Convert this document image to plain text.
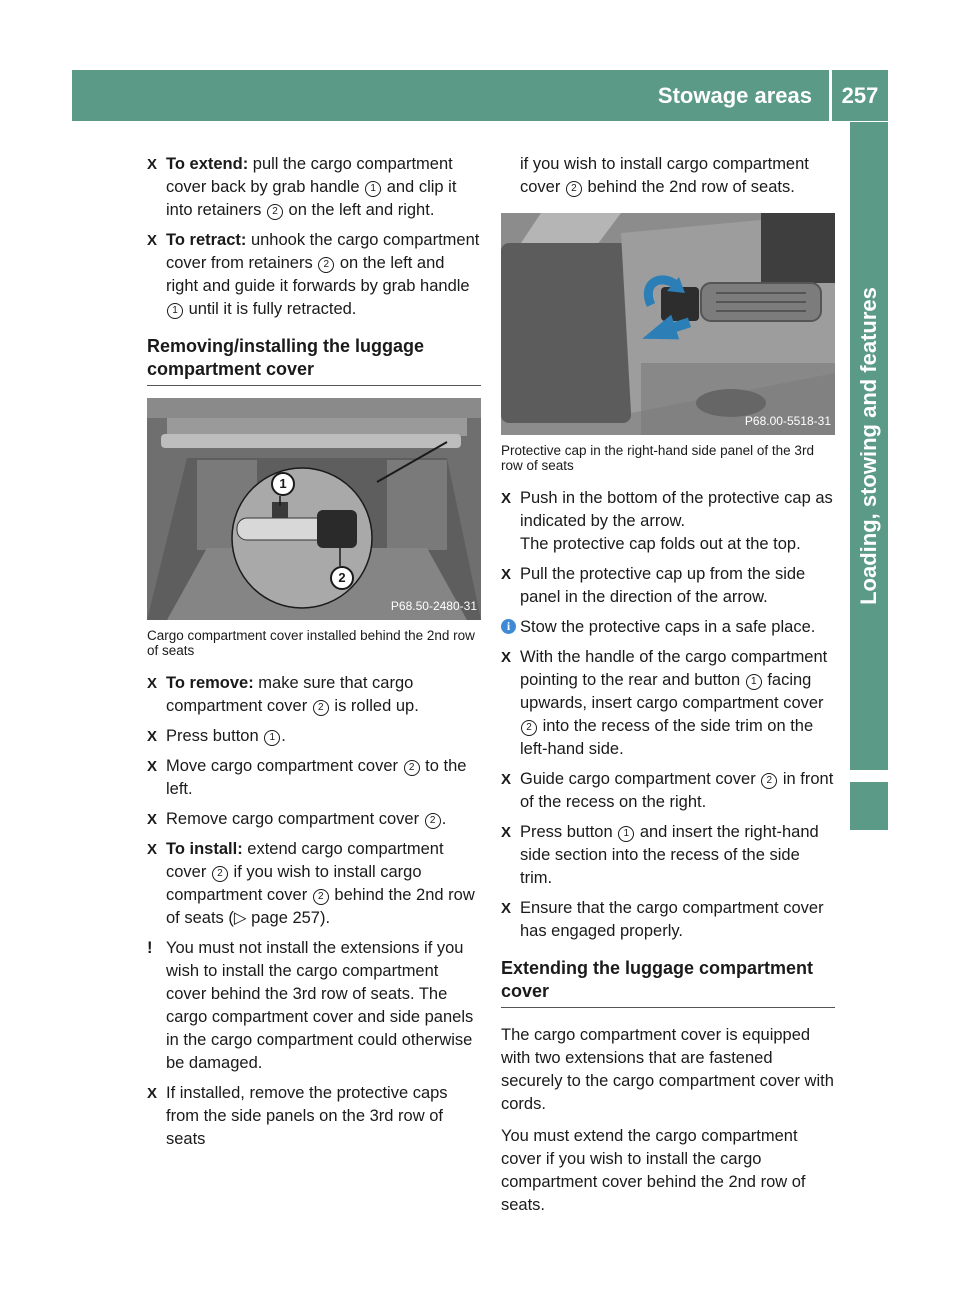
Stowage areas	257
Loading, stowing and features
X To extend: pull the cargo compartment cover back by grab handle 1 and clip it into retainers 2 on the left and right.
X To retract: unhook the cargo compartment cover from retainers 2 on the left and right and guide it forwards by grab handle 1 until it is fully retracted.
Removing/installing the luggage compartment cover
1
2
P68.50-2480-31
Cargo compartment cover installed behind the 2nd row of seats
X To remove: make sure that cargo compartment cover 2 is rolled up.
X Press button 1 .
X Move cargo compartment cover 2 to the left.
X Remove cargo compartment cover 2 .
X To install: extend cargo compartment cover 2 if you wish to install cargo compartment cover 2 behind the 2nd row of seats (▷ page 257).
! You must not install the extensions if you wish to install the cargo compartment cover behind the 3rd row of seats. The cargo compartment cover and side panels in the cargo compartment could otherwise be damaged.
X If installed, remove the protective caps from the side panels on the 3rd row of seats
if you wish to install cargo compartment cover 2 behind the 2nd row of seats.
P68.00-5518-31
Protective cap in the right-hand side panel of the 3rd row of seats
X Push in the bottom of the protective cap as indicated by the arrow.
The protective cap folds out at the top.
X Pull the protective cap up from the side panel in the direction of the arrow.
i Stow the protective caps in a safe place.
X With the handle of the cargo compartment pointing to the rear and button 1 facing upwards, insert cargo compartment cover 2 into the recess of the side trim on the left-hand side.
X Guide cargo compartment cover 2 in front of the recess on the right.
X Press button 1 and insert the right-hand side section into the recess of the side trim.
X Ensure that the cargo compartment cover has engaged properly.
Extending the luggage compartment cover

The cargo compartment cover is equipped with two extensions that are fastened securely to the cargo compartment cover with cords.

You must extend the cargo compartment cover if you wish to install the cargo compartment cover behind the 2nd row of seats.
